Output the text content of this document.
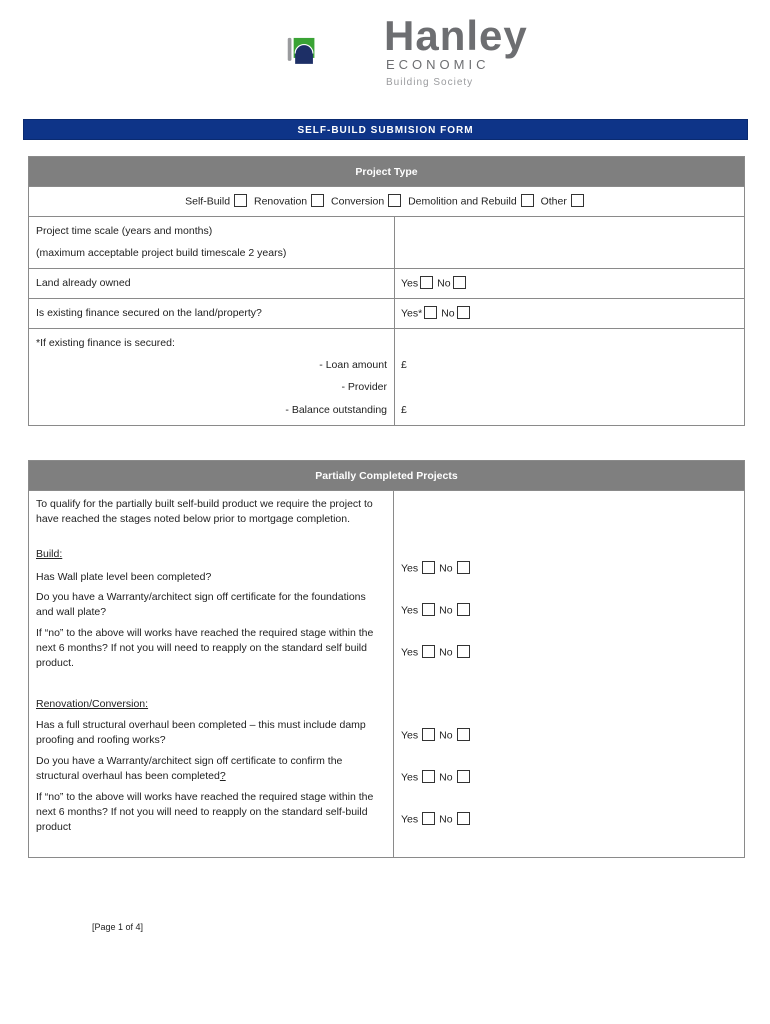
1854
Hanley
ECONOMIC
Building Society
SELF-BUILD SUBMISION FORM
Project Type
Self-Build Renovation Conversion Demolition and Rebuild Other
Project time scale (years and months)
(maximum acceptable project build timescale 2 years)
Land already owned	Yes No
Is existing finance secured on the land/property?	Yes* No
*If existing finance is secured:
- Loan amount
- Provider
- Balance outstanding
£
£
Partially Completed Projects
To qualify for the partially built self-build product we require the project to have reached the stages noted below prior to mortgage completion.
Build:
Has Wall plate level been completed?
Do you have a Warranty/architect sign off certificate for the foundations and wall plate?
If “no” to the above will works have reached the required stage within the next 6 months? If not you will need to reapply on the standard self build product.
Renovation/Conversion:
Has a full structural overhaul been completed – this must include damp proofing and roofing works?
Do you have a Warranty/architect sign off certificate to confirm the structural overhaul has been completed?
If “no” to the above will works have reached the required stage within the next 6 months? If not you will need to reapply on the standard self-build product
Yes No
Yes No
Yes No
Yes No
Yes No
Yes No
[Page 1 of 4]
